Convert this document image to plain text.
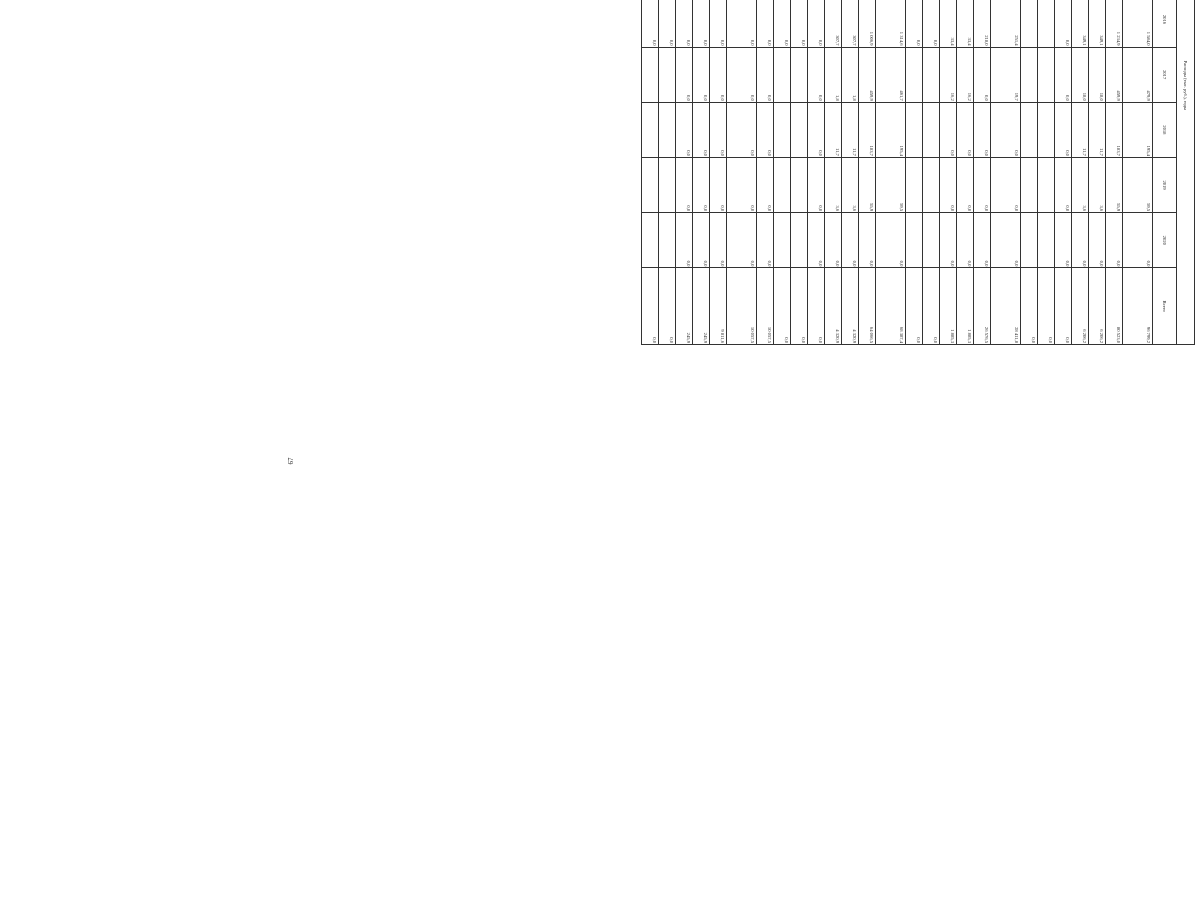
67
				Расходы (тыс. руб.), годы								
							2016	2017	2018	2019	2020	Всего
										1 584,0	479,9	195,4	59,5	0,0	96 799,2
										1 234,9	459,9	183,7	55,9	0,0	80 523,0
										349,1	18,0	11,7	3,6	0,0	6 206,2
										349,1	18,0	11,7	3,6	0,0	6 206,2
										0,0	0,0	0,0	0,0	0,0	0,0
															0,0
															0,0
										251,4	19,7	0,0	0,0	0,0	28 411,8
										218,0	0,0	0,0	0,0	0,0	26 576,5
										33,4	16,2	0,0	0,0	0,0	1 885,3
										33,4	16,2	0,0	0,0	0,0	1 885,3
										0,0					0,0
										0,0					0,0
										1 314,6	461,7	195,4	59,5	0,0	68 387,4
										1 006,9	459,9	183,7	55,9	0,0	64 066,5
										307,7	1,8	11,7	3,6	0,0	4 320,9
										307,7	1,8	11,7	3,6	0,0	4 320,9
										0,0	0,0	0,0	0,0	0,0	0,0
										0,0					0,0
										0,0					0,0
										0,0	0,0	0,0	0,0	0,0	10 057,5
										0,0	0,0	0,0	0,0	0,0	10 057,5
										0,0	0,0	0,0	0,0	0,0	9 811,6
										0,0	0,0	0,0	0,0	0,0	245,9
										0,0	0,0	0,0	0,0	0,0	245,9
										0,0					0,0
										0,0					0,0
